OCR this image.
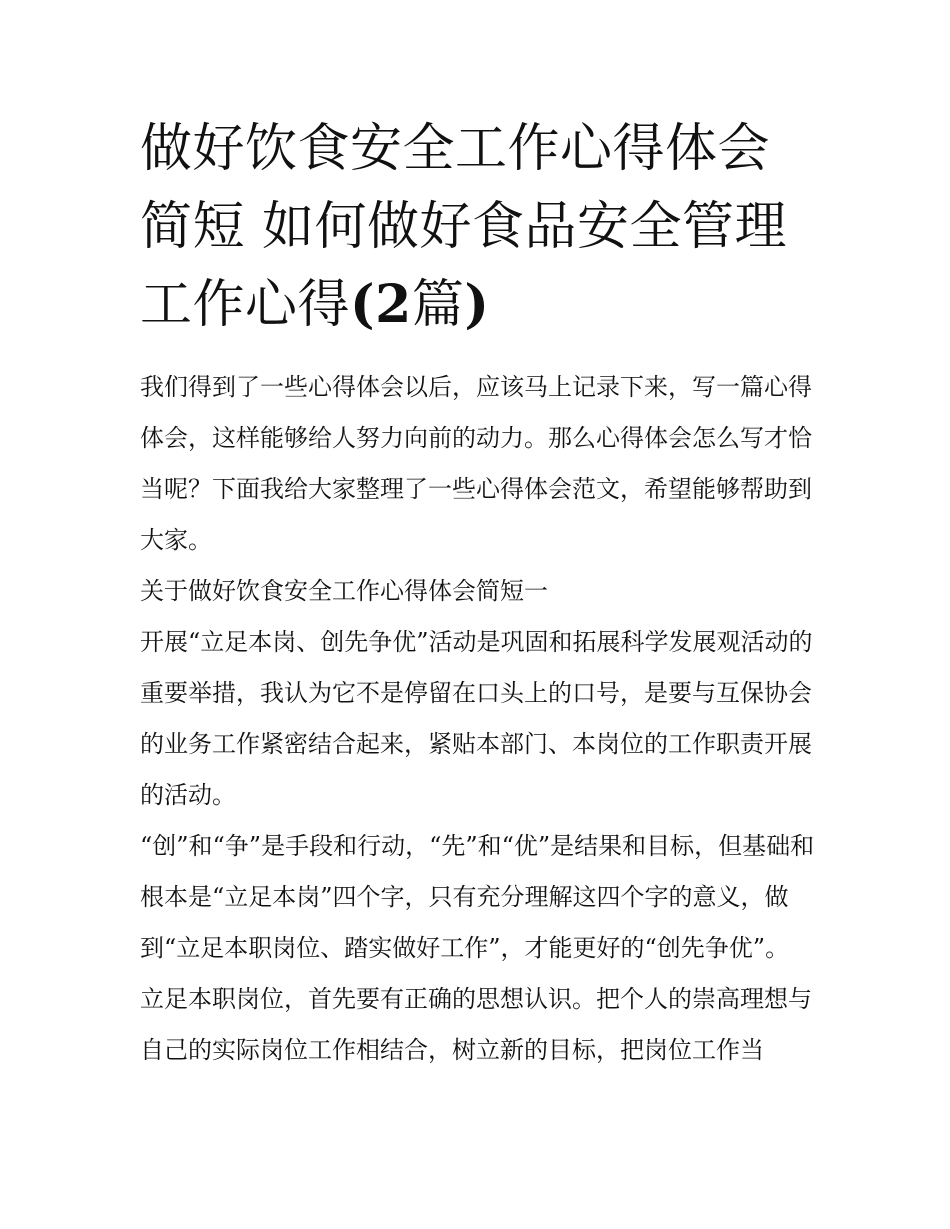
做好饮食安全工作心得体会简短 如何做好食品安全管理工作心得(2篇)

我们得到了一些心得体会以后，应该马上记录下来，写一篇心得体会，这样能够给人努力向前的动力。那么心得体会怎么写才恰当呢？下面我给大家整理了一些心得体会范文，希望能够帮助到大家。

关于做好饮食安全工作心得体会简短一

开展“立足本岗、创先争优”活动是巩固和拓展科学发展观活动的重要举措，我认为它不是停留在口头上的口号，是要与互保协会的业务工作紧密结合起来，紧贴本部门、本岗位的工作职责开展的活动。

“创”和“争”是手段和行动，“先”和“优”是结果和目标，但基础和根本是“立足本岗”四个字，只有充分理解这四个字的意义，做到“立足本职岗位、踏实做好工作”，才能更好的“创先争优”。

立足本职岗位，首先要有正确的思想认识。把个人的崇高理想与自己的实际岗位工作相结合，树立新的目标，把岗位工作当
